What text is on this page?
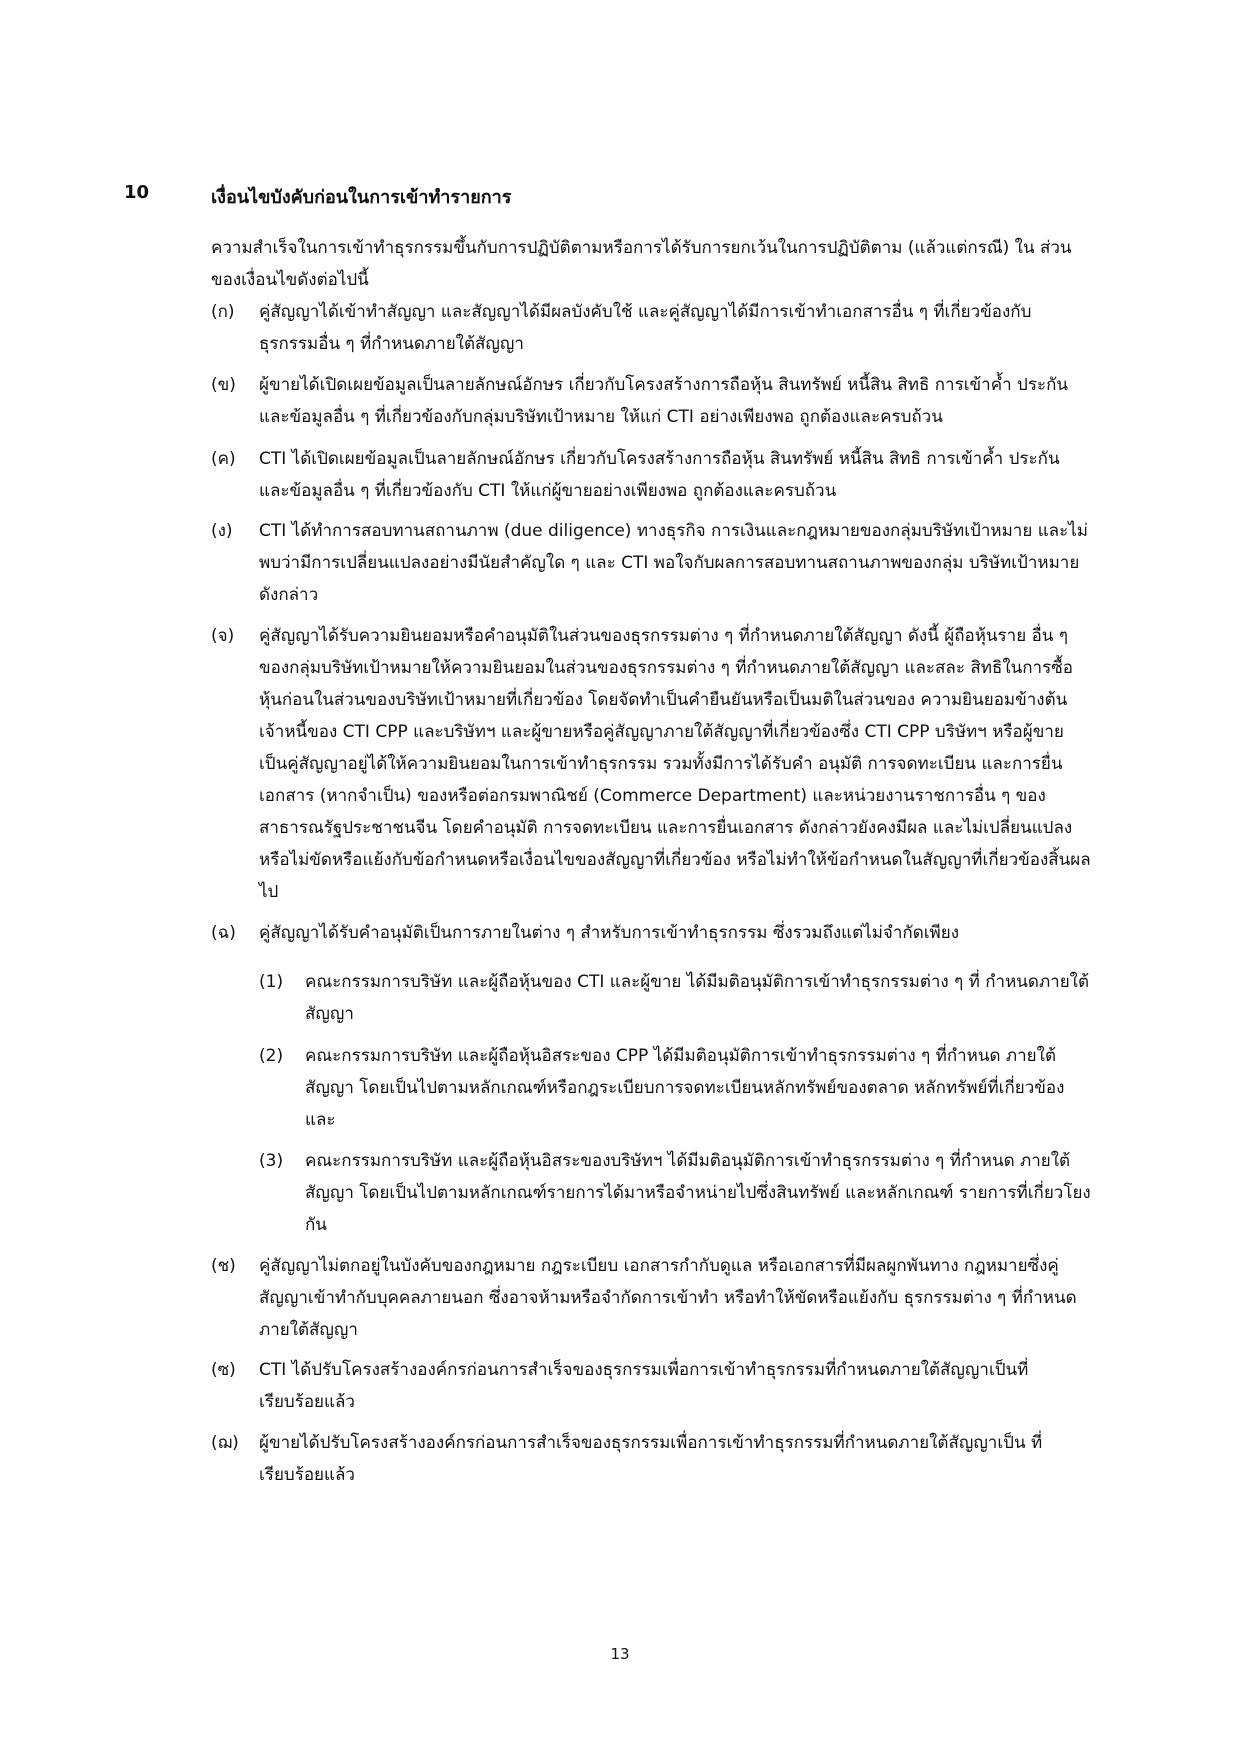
10	เงื่อนไขบังคับก่อนในการเข้าทำรายการ
ความสำเร็จในการเข้าทำธุรกรรมขึ้นกับการปฏิบัติตามหรือการได้รับการยกเว้นในการปฏิบัติตาม (แล้วแต่กรณี) ใน ส่วนของเงื่อนไขดังต่อไปนี้
(ก) คู่สัญญาได้เข้าทำสัญญา และสัญญาได้มีผลบังคับใช้ และคู่สัญญาได้มีการเข้าทำเอกสารอื่น ๆ ที่เกี่ยวข้องกับ ธุรกรรมอื่น ๆ ที่กำหนดภายใต้สัญญา
(ข) ผู้ขายได้เปิดเผยข้อมูลเป็นลายลักษณ์อักษร เกี่ยวกับโครงสร้างการถือหุ้น สินทรัพย์ หนี้สิน สิทธิ การเข้าค้ำ ประกัน และข้อมูลอื่น ๆ ที่เกี่ยวข้องกับกลุ่มบริษัทเป้าหมาย ให้แก่ CTI อย่างเพียงพอ ถูกต้องและครบถ้วน
(ค) CTI ได้เปิดเผยข้อมูลเป็นลายลักษณ์อักษร เกี่ยวกับโครงสร้างการถือหุ้น สินทรัพย์ หนี้สิน สิทธิ การเข้าค้ำ ประกัน และข้อมูลอื่น ๆ ที่เกี่ยวข้องกับ CTI ให้แก่ผู้ขายอย่างเพียงพอ ถูกต้องและครบถ้วน
(ง) CTI ได้ทำการสอบทานสถานภาพ (due diligence) ทางธุรกิจ การเงินและกฎหมายของกลุ่มบริษัทเป้าหมาย และไม่พบว่ามีการเปลี่ยนแปลงอย่างมีนัยสำคัญใด ๆ และ CTI พอใจกับผลการสอบทานสถานภาพของกลุ่ม บริษัทเป้าหมายดังกล่าว
(จ) คู่สัญญาได้รับความยินยอมหรือคำอนุมัติในส่วนของธุรกรรมต่าง ๆ ที่กำหนดภายใต้สัญญา ดังนี้ ผู้ถือหุ้นราย อื่น ๆ ของกลุ่มบริษัทเป้าหมายให้ความยินยอมในส่วนของธุรกรรมต่าง ๆ ที่กำหนดภายใต้สัญญา และสละ สิทธิในการซื้อหุ้นก่อนในส่วนของบริษัทเป้าหมายที่เกี่ยวข้อง โดยจัดทำเป็นคำยืนยันหรือเป็นมติในส่วนของ ความยินยอมข้างต้น เจ้าหนี้ของ CTI CPP และบริษัทฯ และผู้ขายหรือคู่สัญญาภายใต้สัญญาที่เกี่ยวข้องซึ่ง CTI CPP บริษัทฯ หรือผู้ขายเป็นคู่สัญญาอยู่ได้ให้ความยินยอมในการเข้าทำธุรกรรม รวมทั้งมีการได้รับคำ อนุมัติ การจดทะเบียน และการยื่นเอกสาร (หากจำเป็น) ของหรือต่อกรมพาณิชย์ (Commerce Department) และหน่วยงานราชการอื่น ๆ ของสาธารณรัฐประชาชนจีน โดยคำอนุมัติ การจดทะเบียน และการยื่นเอกสาร ดังกล่าวยังคงมีผล และไม่เปลี่ยนแปลง หรือไม่ขัดหรือแย้งกับข้อกำหนดหรือเงื่อนไขของสัญญาที่เกี่ยวข้อง หรือไม่ทำให้ข้อกำหนดในสัญญาที่เกี่ยวข้องสิ้นผลไป
(ฉ) คู่สัญญาได้รับคำอนุมัติเป็นการภายในต่าง ๆ สำหรับการเข้าทำธุรกรรม ซึ่งรวมถึงแต่ไม่จำกัดเพียง
(1) คณะกรรมการบริษัท และผู้ถือหุ้นของ CTI และผู้ขาย ได้มีมติอนุมัติการเข้าทำธุรกรรมต่าง ๆ ที่ กำหนดภายใต้สัญญา
(2) คณะกรรมการบริษัท และผู้ถือหุ้นอิสระของ CPP ได้มีมติอนุมัติการเข้าทำธุรกรรมต่าง ๆ ที่กำหนด ภายใต้สัญญา โดยเป็นไปตามหลักเกณฑ์หรือกฎระเบียบการจดทะเบียนหลักทรัพย์ของตลาด หลักทรัพย์ที่เกี่ยวข้อง และ
(3) คณะกรรมการบริษัท และผู้ถือหุ้นอิสระของบริษัทฯ ได้มีมติอนุมัติการเข้าทำธุรกรรมต่าง ๆ ที่กำหนด ภายใต้สัญญา โดยเป็นไปตามหลักเกณฑ์รายการได้มาหรือจำหน่ายไปซึ่งสินทรัพย์ และหลักเกณฑ์ รายการที่เกี่ยวโยงกัน
(ช) คู่สัญญาไม่ตกอยู่ในบังคับของกฎหมาย กฎระเบียบ เอกสารกำกับดูแล หรือเอกสารที่มีผลผูกพันทาง กฎหมายซึ่งคู่สัญญาเข้าทำกับบุคคลภายนอก ซึ่งอาจห้ามหรือจำกัดการเข้าทำ หรือทำให้ขัดหรือแย้งกับ ธุรกรรมต่าง ๆ ที่กำหนดภายใต้สัญญา
(ซ) CTI ได้ปรับโครงสร้างองค์กรก่อนการสำเร็จของธุรกรรมเพื่อการเข้าทำธุรกรรมที่กำหนดภายใต้สัญญาเป็นที่ เรียบร้อยแล้ว
(ฌ) ผู้ขายได้ปรับโครงสร้างองค์กรก่อนการสำเร็จของธุรกรรมเพื่อการเข้าทำธุรกรรมที่กำหนดภายใต้สัญญาเป็น ที่เรียบร้อยแล้ว
13
